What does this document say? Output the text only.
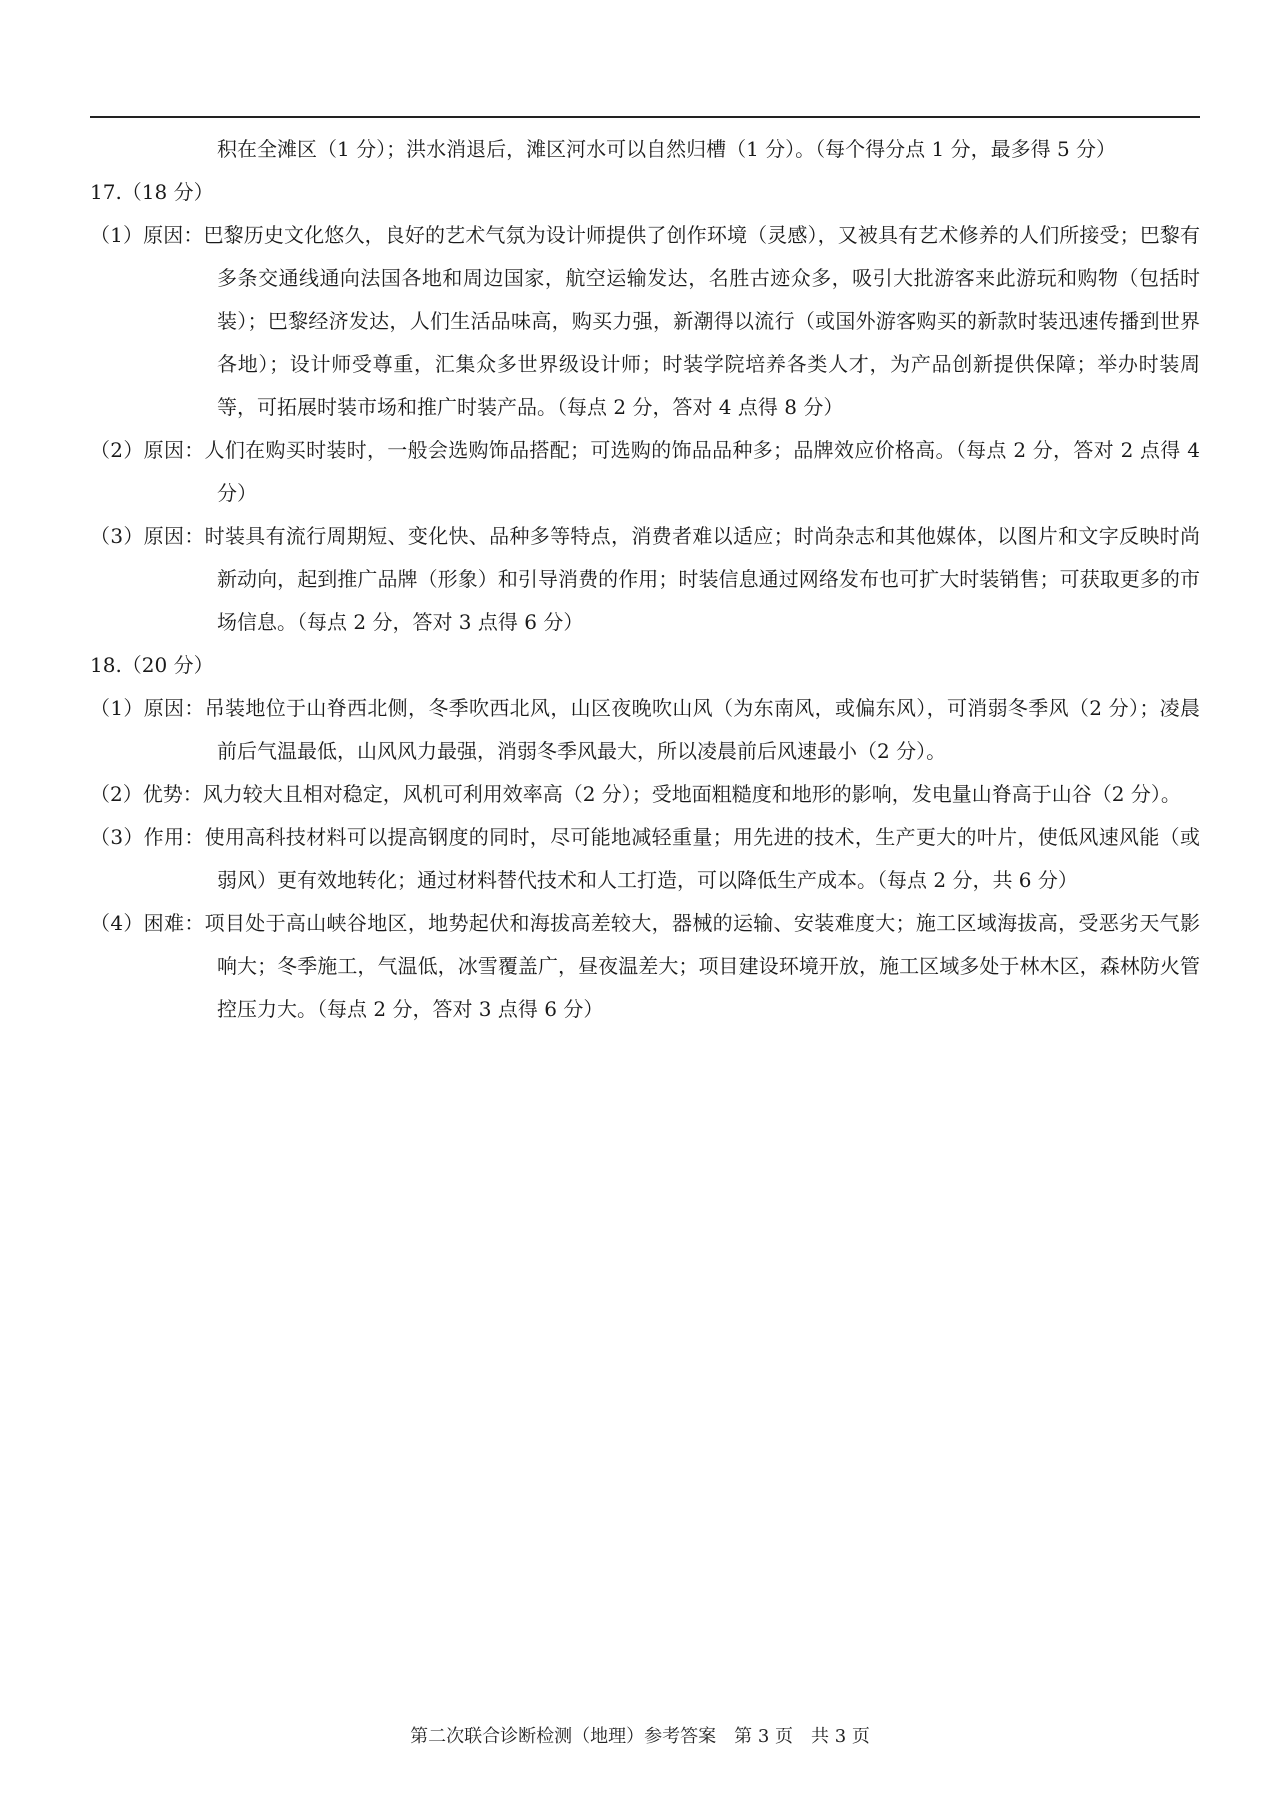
积在全滩区（1 分）；洪水消退后，滩区河水可以自然归槽（1 分）。（每个得分点 1 分，最多得 5 分）

17.（18 分）

（1）原因：巴黎历史文化悠久，良好的艺术气氛为设计师提供了创作环境（灵感），又被具有艺术修养的人们所接受；巴黎有多条交通线通向法国各地和周边国家，航空运输发达，名胜古迹众多，吸引大批游客来此游玩和购物（包括时装）；巴黎经济发达，人们生活品味高，购买力强，新潮得以流行（或国外游客购买的新款时装迅速传播到世界各地）；设计师受尊重，汇集众多世界级设计师；时装学院培养各类人才，为产品创新提供保障；举办时装周等，可拓展时装市场和推广时装产品。（每点 2 分，答对 4 点得 8 分）

（2）原因：人们在购买时装时，一般会选购饰品搭配；可选购的饰品品种多；品牌效应价格高。（每点 2 分，答对 2 点得 4 分）

（3）原因：时装具有流行周期短、变化快、品种多等特点，消费者难以适应；时尚杂志和其他媒体，以图片和文字反映时尚新动向，起到推广品牌（形象）和引导消费的作用；时装信息通过网络发布也可扩大时装销售；可获取更多的市场信息。（每点 2 分，答对 3 点得 6 分）

18.（20 分）

（1）原因：吊装地位于山脊西北侧，冬季吹西北风，山区夜晚吹山风（为东南风，或偏东风），可消弱冬季风（2 分）；凌晨前后气温最低，山风风力最强，消弱冬季风最大，所以凌晨前后风速最小（2 分）。

（2）优势：风力较大且相对稳定，风机可利用效率高（2 分）；受地面粗糙度和地形的影响，发电量山脊高于山谷（2 分）。

（3）作用：使用高科技材料可以提高钢度的同时，尽可能地减轻重量；用先进的技术，生产更大的叶片，使低风速风能（或弱风）更有效地转化；通过材料替代技术和人工打造，可以降低生产成本。（每点 2 分，共 6 分）

（4）困难：项目处于高山峡谷地区，地势起伏和海拔高差较大，器械的运输、安装难度大；施工区域海拔高，受恶劣天气影响大；冬季施工，气温低，冰雪覆盖广，昼夜温差大；项目建设环境开放，施工区域多处于林木区，森林防火管控压力大。（每点 2 分，答对 3 点得 6 分）

第二次联合诊断检测（地理）参考答案　第 3 页　共 3 页
